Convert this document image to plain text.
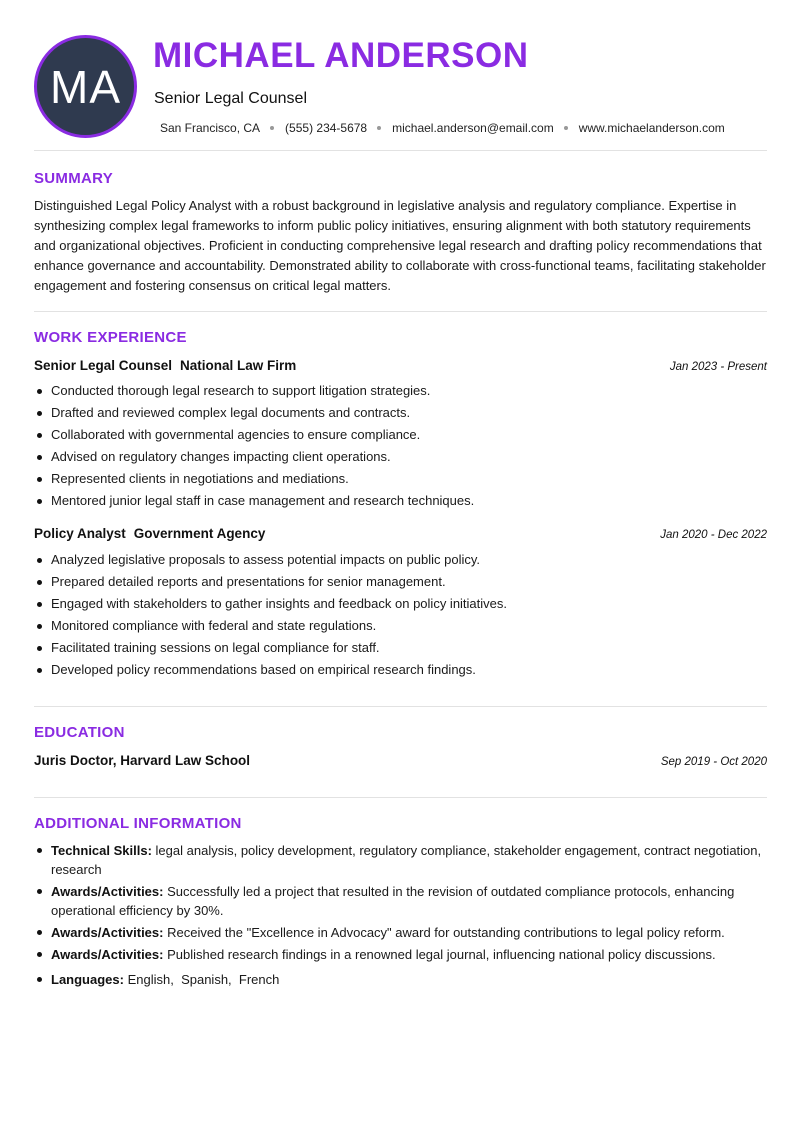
MA
MICHAEL ANDERSON
Senior Legal Counsel
San Francisco, CA (555) 234-5678 michael.anderson@email.com www.michaelanderson.com
SUMMARY
Distinguished Legal Policy Analyst with a robust background in legislative analysis and regulatory compliance. Expertise in synthesizing complex legal frameworks to inform public policy initiatives, ensuring alignment with both statutory requirements and organizational objectives. Proficient in conducting comprehensive legal research and drafting policy recommendations that enhance governance and accountability. Demonstrated ability to collaborate with cross-functional teams, facilitating stakeholder engagement and fostering consensus on critical legal matters.
WORK EXPERIENCE
Senior Legal Counsel National Law Firm	Jan 2023 - Present
Conducted thorough legal research to support litigation strategies.
Drafted and reviewed complex legal documents and contracts.
Collaborated with governmental agencies to ensure compliance.
Advised on regulatory changes impacting client operations.
Represented clients in negotiations and mediations.
Mentored junior legal staff in case management and research techniques.
Policy Analyst Government Agency	Jan 2020 - Dec 2022
Analyzed legislative proposals to assess potential impacts on public policy.
Prepared detailed reports and presentations for senior management.
Engaged with stakeholders to gather insights and feedback on policy initiatives.
Monitored compliance with federal and state regulations.
Facilitated training sessions on legal compliance for staff.
Developed policy recommendations based on empirical research findings.
EDUCATION
Juris Doctor, Harvard Law School	Sep 2019 - Oct 2020
ADDITIONAL INFORMATION
Technical Skills: legal analysis, policy development, regulatory compliance, stakeholder engagement, contract negotiation, research
Awards/Activities: Successfully led a project that resulted in the revision of outdated compliance protocols, enhancing operational efficiency by 30%.
Awards/Activities: Received the "Excellence in Advocacy" award for outstanding contributions to legal policy reform.
Awards/Activities: Published research findings in a renowned legal journal, influencing national policy discussions.
Languages: English,  Spanish,  French
